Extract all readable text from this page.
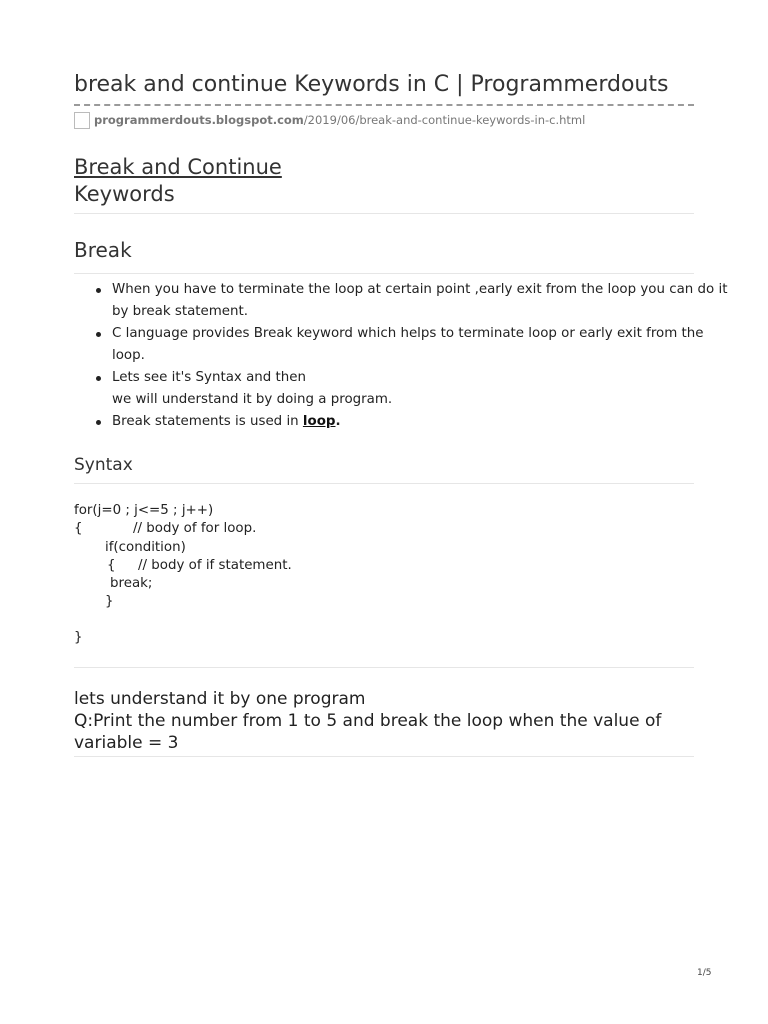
break and continue Keywords in C | Programmerdouts
programmerdouts.blogspot.com /2019/06/break-and-continue-keywords-in-c.html
Break and Continue
Keywords
Break
When you have to terminate the loop at certain point ,early exit from the loop you can do it by break statement.
C language provides Break keyword which helps to terminate loop or early exit from the loop.
Lets see it's Syntax and then
we will understand it by doing a program.
Break statements is used in loop.
Syntax
for(j=0 ; j<=5 ; j++)
{	// body of for loop.
if(condition)
{ // body of if statement.
break;
}
}

lets understand it by one program

Q:Print the number from 1 to 5 and break the loop when the value of variable = 3

1/5
